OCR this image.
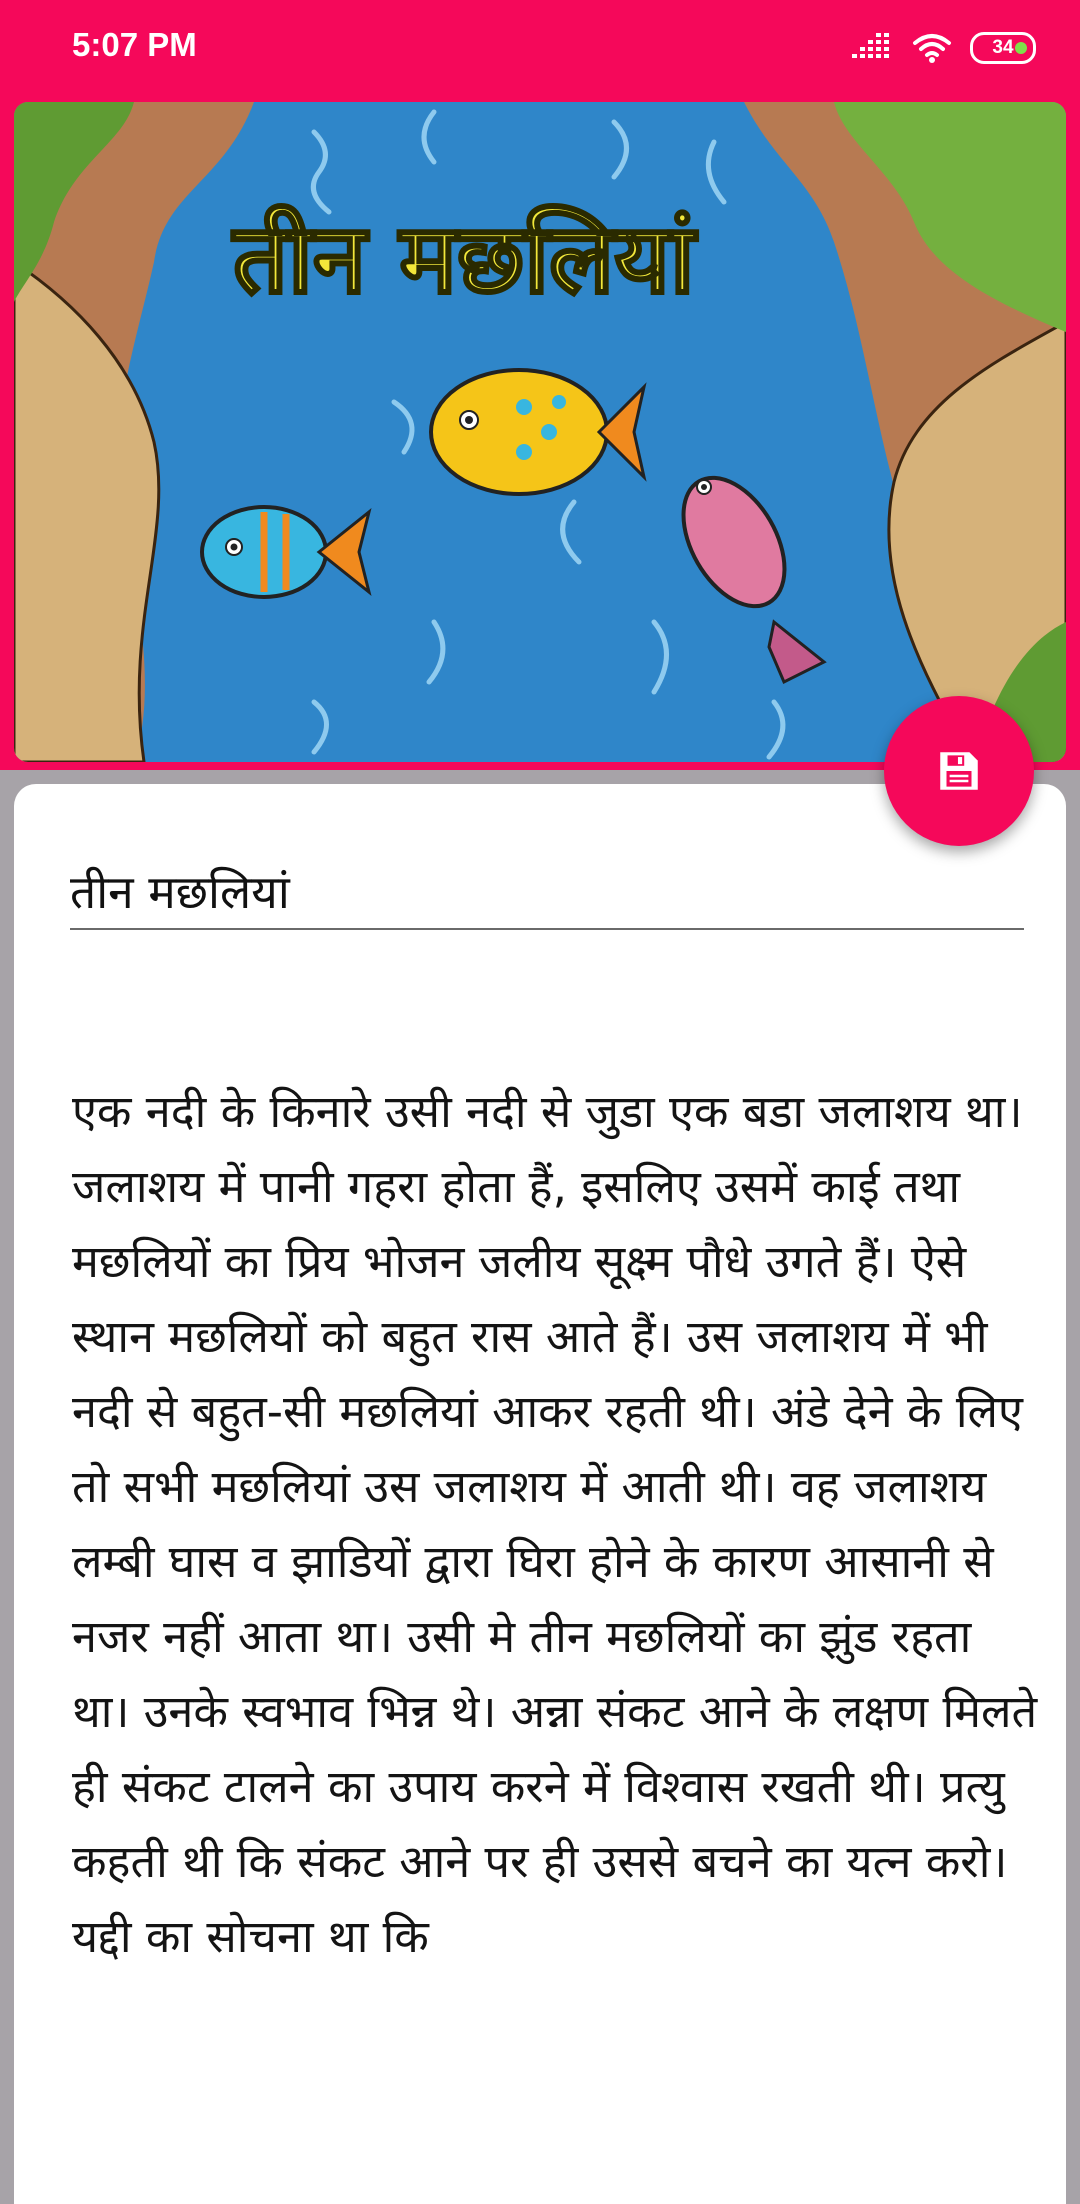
5:07 PM	34
तीन मछलियां
तीन मछलियां
एक नदी के किनारे उसी नदी से जुडा एक बडा जलाशय था। जलाशय में पानी गहरा होता हैं, इसलिए उसमें काई तथा मछलियों का प्रिय भोजन जलीय सूक्ष्म पौधे उगते हैं। ऐसे स्थान मछलियों को बहुत रास आते हैं। उस जलाशय में भी नदी से बहुत-सी मछलियां आकर रहती थी। अंडे देने के लिए तो सभी मछलियां उस जलाशय में आती थी। वह जलाशय लम्बी घास व झाडियों द्वारा घिरा होने के कारण आसानी से नजर नहीं आता था। उसी मे तीन मछलियों का झुंड रहता था। उनके स्वभाव भिन्न थे। अन्ना संकट आने के लक्षण मिलते ही संकट टालने का उपाय करने में विश्वास रखती थी। प्रत्यु कहती थी कि संकट आने पर ही उससे बचने का यत्न करो। यद्दी का सोचना था कि
